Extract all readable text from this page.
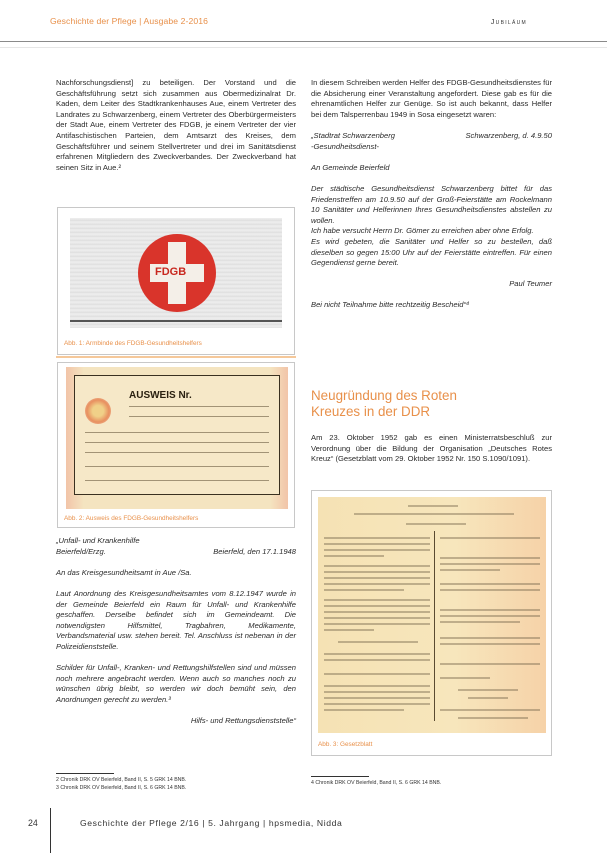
Geschichte der Pflege | Ausgabe 2-2016	Jubiläum

Nachforschungsdienst] zu beteiligen. Der Vorstand und die Geschäftsführung setzt sich zusammen aus Obermedizinalrat Dr. Kaden, dem Leiter des Stadtkrankenhauses Aue, einem Vertreter des Landrates zu Schwarzenberg, einem Vertreter des Oberbürgermeisters der Stadt Aue, einem Vertreter des FDGB, je einem Vertreter der vier Antifaschistischen Parteien, dem Amtsarzt des Kreises, dem Geschäftsführer und seinem Stellvertreter und drei im Sanitätsdienst erfahrenen Mitgliedern des Zweckverbandes. Der Zweckverband hat seinen Sitz in Aue.²

FDGB
Abb. 1: Armbinde des FDGB-Gesundheitshelfers
AUSWEIS Nr.
Abb. 2: Ausweis des FDGB-Gesundheitshelfers
„Unfall- und Krankenhilfe
Beierfeld/Erzg.	Beierfeld, den 17.1.1948
An das Kreisgesundheitsamt in Aue /Sa.

Laut Anordnung des Kreisgesundheitsamtes vom 8.12.1947 wurde in der Gemeinde Beierfeld ein Raum für Unfall- und Krankenhilfe geschaffen. Derselbe befindet sich im Gemeindeamt. Die notwendigsten Hilfsmittel, Tragbahren, Medikamente, Verbandsmaterial usw. stehen bereit. Tel. Anschluss ist nebenan in der Polizeidienststelle.

Schilder für Unfall-, Kranken- und Rettungshilfstellen sind und müssen noch mehrere angebracht werden. Wenn auch so manches noch zu wünschen übrig bleibt, so werden wir doch bemüht sein, den Anordnungen gerecht zu werden.³

Hilfs- und Rettungsdienststelle“
2 Chronik DRK OV Beierfeld, Band II, S. 5 GRK 14 BNB.
3 Chronik DRK OV Beierfeld, Band II, S. 6 GRK 14 BNB.

In diesem Schreiben werden Helfer des FDGB-Gesundheitsdienstes für die Absicherung einer Veranstaltung angefordert. Diese gab es für die ehrenamtlichen Helfer zur Genüge. So ist auch bekannt, dass Helfer bei dem Talsperrenbau 1949 in Sosa eingesetzt waren:

„Stadtrat Schwarzenberg	Schwarzenberg, d. 4.9.50
-Gesundheitsdienst-
An Gemeinde Beierfeld

Der städtische Gesundheitsdienst Schwarzenberg bittet für das Friedenstreffen am 10.9.50 auf der Groß-Feierstätte am Rockelmann 10 Sanitäter und Helferinnen Ihres Gesundheitsdienstes abstellen zu wollen.

Ich habe versucht Herrn Dr. Gömer zu erreichen aber ohne Erfolg.

Es wird gebeten, die Sanitäter und Helfer so zu bestellen, daß dieselben so gegen 15:00 Uhr auf der Feierstätte eintreffen. Für einen Gegendienst gerne bereit.

Paul Teumer
Bei nicht Teilnahme bitte rechtzeitig Bescheid“⁴
Neugründung des Roten
Kreuzes in der DDR

Am 23. Oktober 1952 gab es einen Ministerratsbeschluß zur Verordnung über die Bildung der Organisation „Deutsches Rotes Kreuz“ (Gesetzblatt vom 29. Oktober 1952 Nr. 150 S.1090/1091).

Abb. 3: Gesetzblatt
4 Chronik DRK OV Beierfeld, Band II, S. 6 GRK 14 BNB.
24	Geschichte der Pflege 2/16 | 5. Jahrgang | hpsmedia, Nidda
